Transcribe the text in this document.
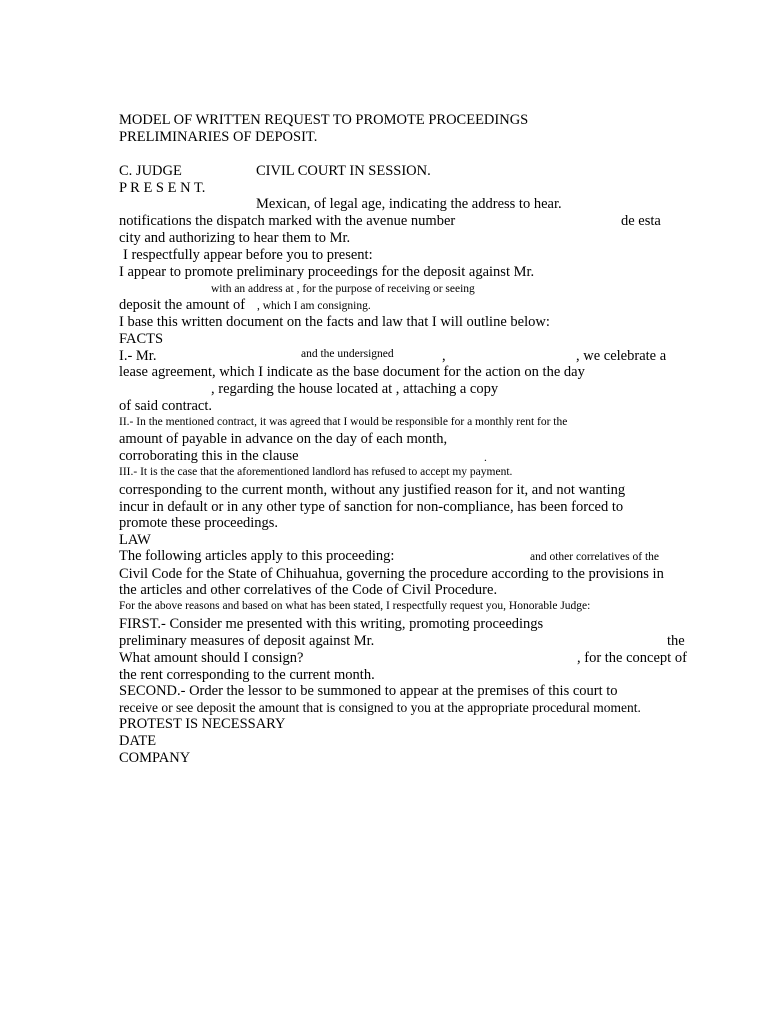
MODEL OF WRITTEN REQUEST TO PROMOTE PROCEEDINGS
PRELIMINARIES OF DEPOSIT.
C. JUDGE	CIVIL COURT IN SESSION.
P R E S E N T.
Mexican, of legal age, indicating the address to hear.
notifications the dispatch marked with the avenue number	de esta
city and authorizing to hear them to Mr.
I respectfully appear before you to present:
I appear to promote preliminary proceedings for the deposit against Mr.
with an address at , for the purpose of receiving or seeing
deposit the amount of , which I am consigning.
I base this written document on the facts and law that I will outline below:
FACTS
I.- Mr.	and the undersigned	,	, we celebrate a
lease agreement, which I indicate as the base document for the action on the day
, regarding the house located at , attaching a copy
of said contract.
II.- In the mentioned contract, it was agreed that I would be responsible for a monthly rent for the
amount of payable in advance on the day of each month,
corroborating this in the clause	.
III.- It is the case that the aforementioned landlord has refused to accept my payment.
corresponding to the current month, without any justified reason for it, and not wanting
incur in default or in any other type of sanction for non-compliance, has been forced to
promote these proceedings.
LAW
The following articles apply to this proceeding:	and other correlatives of the
Civil Code for the State of Chihuahua, governing the procedure according to the provisions in
the articles and other correlatives of the Code of Civil Procedure.
For the above reasons and based on what has been stated, I respectfully request you, Honorable Judge:
FIRST.- Consider me presented with this writing, promoting proceedings
preliminary measures of deposit against Mr.	the
What amount should I consign?	, for the concept of
the rent corresponding to the current month.
SECOND.- Order the lessor to be summoned to appear at the premises of this court to
receive or see deposit the amount that is consigned to you at the appropriate procedural moment.
PROTEST IS NECESSARY
DATE
COMPANY
